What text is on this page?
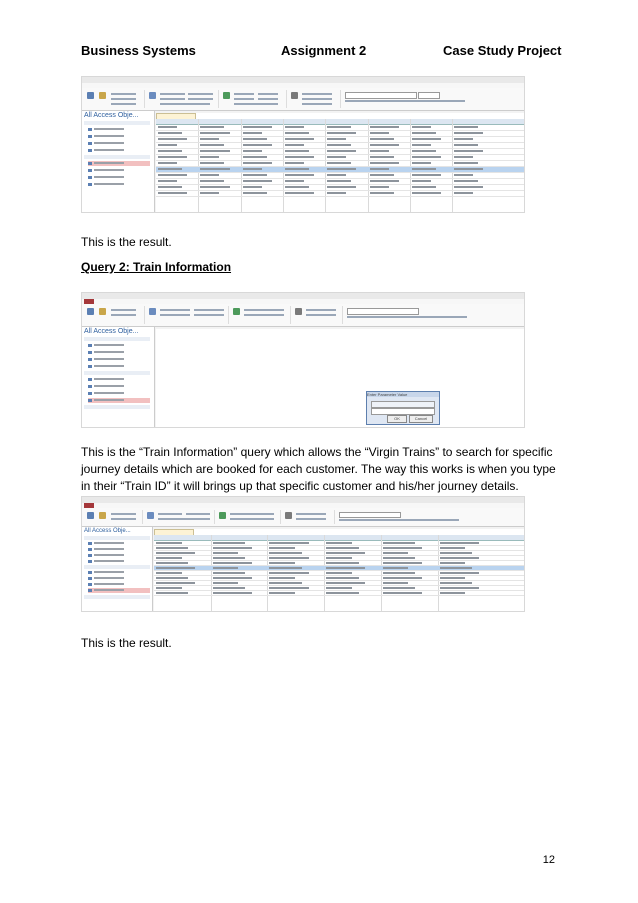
Business Systems	Assignment 2	Case Study Project
All Access Obje...
This is the result.
Query 2: Train Information
All Access Obje...
Enter Parameter Value
OK	Cancel
This is the “Train Information” query which allows the “Virgin Trains” to search for specific journey details which are booked for each customer. The way this works is when you type in their “Train ID” it will brings up that specific customer and his/her journey details.
All Access Obje...
This is the result.
12
